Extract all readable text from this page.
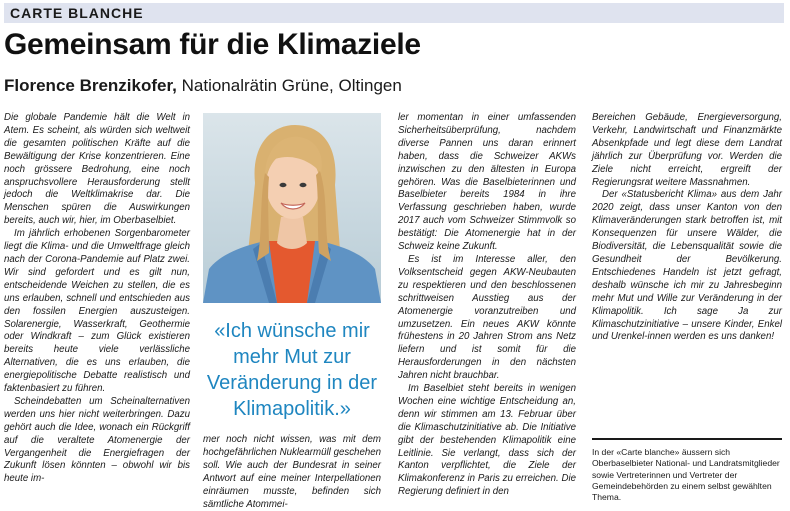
CARTE BLANCHE
Gemeinsam für die Klimaziele
Florence Brenzikofer, Nationalrätin Grüne, Oltingen

Die globale Pandemie hält die Welt in Atem. Es scheint, als würden sich weltweit die gesamten politischen Kräfte auf die Bewältigung der Krise konzentrieren. Eine noch grössere Bedrohung, eine noch anspruchsvollere Herausforderung stellt jedoch die Weltklimakrise dar. Die Menschen spüren die Auswirkungen bereits, auch wir, hier, im Oberbaselbiet.

Im jährlich erhobenen Sorgenbarometer liegt die Klima- und die Umweltfrage gleich nach der Corona-Pandemie auf Platz zwei. Wir sind gefordert und es gilt nun, entscheidende Weichen zu stellen, die es uns erlauben, schnell und entschieden aus den fossilen Energien auszusteigen. Solarenergie, Wasserkraft, Geothermie oder Windkraft – zum Glück existieren bereits heute viele verlässliche Alternativen, die es uns erlauben, die energiepolitische Debatte realistisch und faktenbasiert zu führen.

Scheindebatten um Scheinalternativen werden uns hier nicht weiterbringen. Dazu gehört auch die Idee, wonach ein Rückgriff auf die veraltete Atomenergie der Vergangenheit die Energiefragen der Zukunft lösen könnten – obwohl wir bis heute im-

«Ich wünsche mir mehr Mut zur Veränderung in der Klimapolitik.»

mer noch nicht wissen, was mit dem hochgefährlichen Nuklearmüll geschehen soll. Wie auch der Bundesrat in seiner Antwort auf eine meiner Interpellationen einräumen musste, befinden sich sämtliche Atommei-

ler momentan in einer umfassenden Sicherheitsüberprüfung, nachdem diverse Pannen uns daran erinnert haben, dass die Schweizer AKWs inzwischen zu den ältesten in Europa gehören. Was die Baselbieterinnen und Baselbieter bereits 1984 in ihre Verfassung geschrieben haben, wurde 2017 auch vom Schweizer Stimmvolk so bestätigt: Die Atomenergie hat in der Schweiz keine Zukunft.

Es ist im Interesse aller, den Volksentscheid gegen AKW-Neubauten zu respektieren und den beschlossenen schrittweisen Ausstieg aus der Atomenergie voranzutreiben und umzusetzen. Ein neues AKW könnte frühestens in 20 Jahren Strom ans Netz liefern und ist somit für die Herausforderungen in den nächsten Jahren nicht brauchbar.

Im Baselbiet steht bereits in wenigen Wochen eine wichtige Entscheidung an, denn wir stimmen am 13. Februar über die Klimaschutzinitiative ab. Die Initiative gibt der bestehenden Klimapolitik eine Leitlinie. Sie verlangt, dass sich der Kanton verpflichtet, die Ziele der Klimakonferenz in Paris zu erreichen. Die Regierung definiert in den

Bereichen Gebäude, Energieversorgung, Verkehr, Landwirtschaft und Finanzmärkte Absenkpfade und legt diese dem Landrat jährlich zur Überprüfung vor. Werden die Ziele nicht erreicht, ergreift der Regierungsrat weitere Massnahmen.

Der «Statusbericht Klima» aus dem Jahr 2020 zeigt, dass unser Kanton von den Klimaveränderungen stark betroffen ist, mit Konsequenzen für unsere Wälder, die Biodiversität, die Lebensqualität sowie die Gesundheit der Bevölkerung. Entschiedenes Handeln ist jetzt gefragt, deshalb wünsche ich mir zu Jahresbeginn mehr Mut und Wille zur Veränderung in der Klimapolitik. Ich sage Ja zur Klimaschutzinitiative – unsere Kinder, Enkel und Urenkel-innen werden es uns danken!

In der «Carte blanche» äussern sich Oberbaselbieter National- und Landratsmitglieder sowie Vertreterinnen und Vertreter der Gemeindebehörden zu einem selbst gewählten Thema.
